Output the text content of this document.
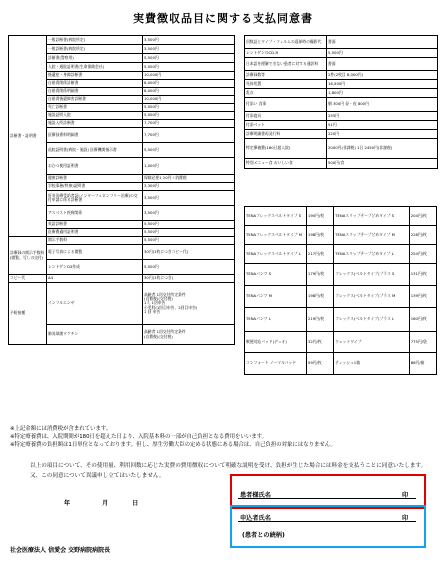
実費徴収品目に関する支払同意書
診断書・証明書	一般診断書(病院所定)	3,500円
	一般診断書(病院所定)	3,500円
	診断書(警察用)	5,500円
	入院・通院証明書(生命保険会社)	5,500円
	後遺症・身障診断書	10,000円
	自賠責関係診断書	8,000円
	自賠責関係明細書	8,000円
	自賠責後遺障害診断書	10,000円
	死亡診断書	5,500円
	施設証明入院	5,500円
	施設入所診断書	7,700円
	医療技術料明細書	7,700円
	退院証明書(病院・施設) 医療機関指示書	5,500円
	おむつ使用証明書	1,000円
	健康診断書	保険必要1 10円＋消費税
	学校事務(特参)証明書	3,300円
	肝炎治療受給者証(インターフェロンフリー治療)の交付申請に係る診断書	3,500円
	アスベスト疾病関係	3,500円
	英語診断書	5,500円
	医療費適用証明書	5,500円
診療録の開示手数料(閲覧、写しの交付)	開示手数料	5,500円
	電子写真による閲覧	30円(1枚につきコピー代)
	レントゲンCD作成	5,500円
コピー代	A4	30円(1枚につき)
予防接種	インフルエンザ	高齢者 1回交付所定条件
(自費税)(交付税)
1人 1回申告
小児科(1回目申告、2回目申告)
1 回 申告

	肺炎球菌ワクチン	高齢者 1回交付所定条件
(自費税)(交付税)
回数証とワイプ・フィルムの返却時の撮影代	書面
レントゲンのCD-R	5,500円
日本語を理解できない患者に対する通訳料	書面
診療録数等	2件(2枚目 8,000円)
死体処置	16,500円
乳衣	1,800円
付添い 食事	朝 300円 昼・夜 800円
付添寝具	255円
付添ベット	51円
診療明細書再発行料	220円
特定療養費(180日超入院)	2000円(非課税) 1日 2450円(非課税)
特別メニュー食 おいしい食	500円/食
TENAフレックスベルトタイプ S	190円/枚	TENAスリップテープどめタイプ S	204円/枚
TENAフレックスベルトタイプ M	198円/枚	TENAスリップテープどめタイプ M	228円/枚
TENAフレックスベルトタイプ L	217円/枚	TENAスリップテープどめタイプ L	254円/枚
TENAパンツ S	179円/枚	フレックス(ベルトタイプ)プラス S	131円/枚
TENAパンツ M	198円/枚	フレックス(ベルトタイプ)プラス M	139円/枚
TENAパンツ L	219円/枚	フレックス(ベルトタイプ)プラス L	160円/枚
軟便対応パッド(デュオ)	32円/枚	ウェットワイプ	775円/袋
コンフォート ノーマルパッド	59円/枚	ティッシュ1箱	86円/箱
※上記金額には消費税が含まれています。
※特定療養費は、入院期間が180日を超えた日より、入院基本料の一部が自己負担となる費用をいいます。
※特定療養費の負担額は1日単位となっております。但し、厚生労働大臣の定める状態にある場合は、自己負担の対象にはなりません。
以上の項目について、その使用量、利用回数に応じた実費の費用徴収について明確な説明を受け、負担が生じた場合には料金を支払うことに同意いたします。又、この同意について異議申し立てはいたしません。
年	月	日
患者様氏名	印
申込者氏名	印
(患者との続柄)
社会医療法人 信愛会 交野病院病院長
